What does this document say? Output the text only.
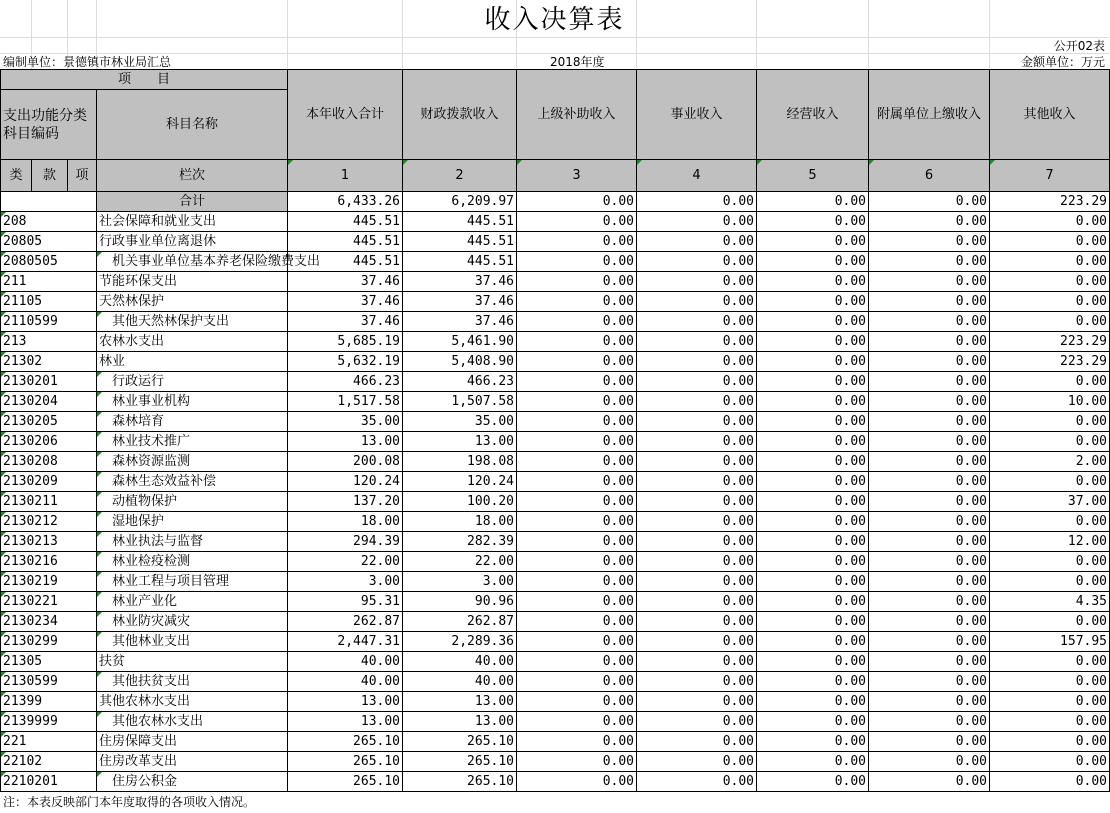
收入决算表
公开02表
编制单位：景德镇市林业局汇总	2018年度	金额单位：万元
项　　目				本年收入合计	财政拨款收入	上级补助收入	事业收入	经营收入	附属单位上缴收入	其他收入
支出功能分类科目编码			科目名称							
类	款	项	栏次	1	2	3	4	5	6	7
			合计	6,433.26	6,209.97	0.00	0.00	0.00	0.00	223.29
208			社会保障和就业支出	445.51	445.51	0.00	0.00	0.00	0.00	0.00
20805			行政事业单位离退休	445.51	445.51	0.00	0.00	0.00	0.00	0.00
2080505			　机关事业单位基本养老保险缴费支出	445.51	445.51	0.00	0.00	0.00	0.00	0.00
211			节能环保支出	37.46	37.46	0.00	0.00	0.00	0.00	0.00
21105			天然林保护	37.46	37.46	0.00	0.00	0.00	0.00	0.00
2110599			　其他天然林保护支出	37.46	37.46	0.00	0.00	0.00	0.00	0.00
213			农林水支出	5,685.19	5,461.90	0.00	0.00	0.00	0.00	223.29
21302			林业	5,632.19	5,408.90	0.00	0.00	0.00	0.00	223.29
2130201			　行政运行	466.23	466.23	0.00	0.00	0.00	0.00	0.00
2130204			　林业事业机构	1,517.58	1,507.58	0.00	0.00	0.00	0.00	10.00
2130205			　森林培育	35.00	35.00	0.00	0.00	0.00	0.00	0.00
2130206			　林业技术推广	13.00	13.00	0.00	0.00	0.00	0.00	0.00
2130208			　森林资源监测	200.08	198.08	0.00	0.00	0.00	0.00	2.00
2130209			　森林生态效益补偿	120.24	120.24	0.00	0.00	0.00	0.00	0.00
2130211			　动植物保护	137.20	100.20	0.00	0.00	0.00	0.00	37.00
2130212			　湿地保护	18.00	18.00	0.00	0.00	0.00	0.00	0.00
2130213			　林业执法与监督	294.39	282.39	0.00	0.00	0.00	0.00	12.00
2130216			　林业检疫检测	22.00	22.00	0.00	0.00	0.00	0.00	0.00
2130219			　林业工程与项目管理	3.00	3.00	0.00	0.00	0.00	0.00	0.00
2130221			　林业产业化	95.31	90.96	0.00	0.00	0.00	0.00	4.35
2130234			　林业防灾减灾	262.87	262.87	0.00	0.00	0.00	0.00	0.00
2130299			　其他林业支出	2,447.31	2,289.36	0.00	0.00	0.00	0.00	157.95
21305			扶贫	40.00	40.00	0.00	0.00	0.00	0.00	0.00
2130599			　其他扶贫支出	40.00	40.00	0.00	0.00	0.00	0.00	0.00
21399			其他农林水支出	13.00	13.00	0.00	0.00	0.00	0.00	0.00
2139999			　其他农林水支出	13.00	13.00	0.00	0.00	0.00	0.00	0.00
221			住房保障支出	265.10	265.10	0.00	0.00	0.00	0.00	0.00
22102			住房改革支出	265.10	265.10	0.00	0.00	0.00	0.00	0.00
2210201			　住房公积金	265.10	265.10	0.00	0.00	0.00	0.00	0.00
注：本表反映部门本年度取得的各项收入情况。
